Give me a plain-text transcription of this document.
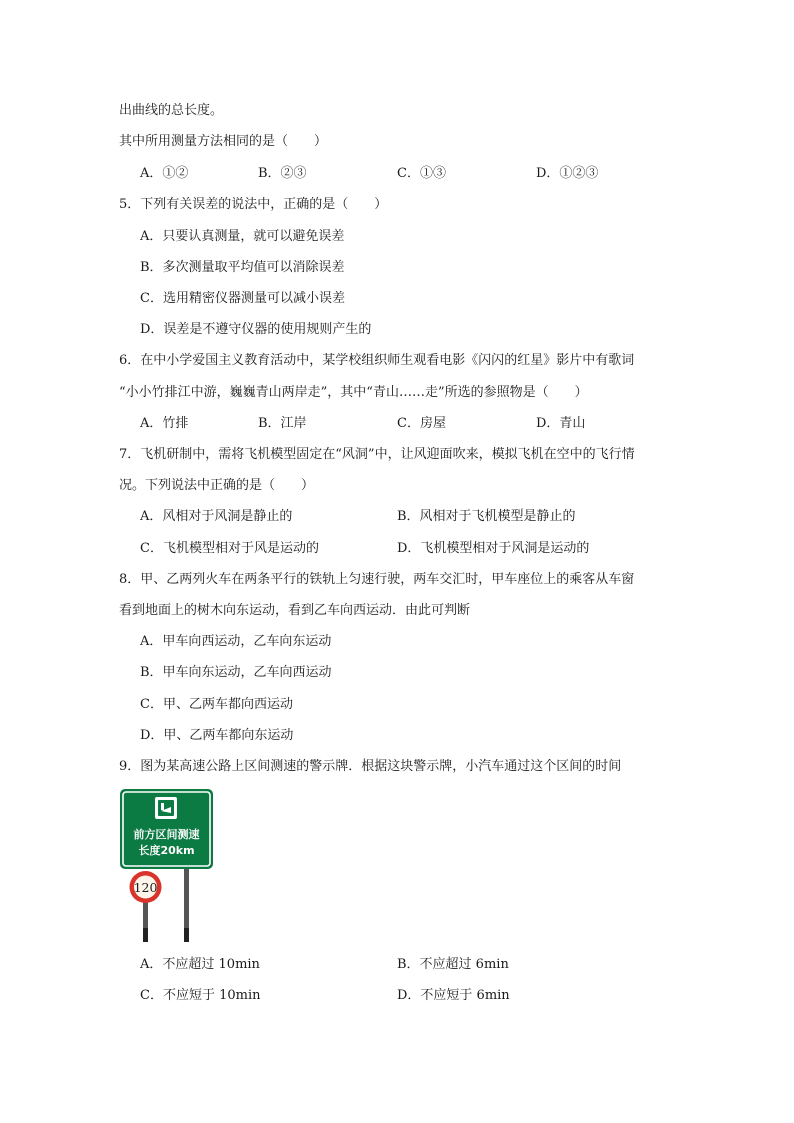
出曲线的总长度。
其中所用测量方法相同的是（　　）
A．①②	B．②③	C．①③	D．①②③
5．下列有关误差的说法中，正确的是（　　）
A．只要认真测量，就可以避免误差
B．多次测量取平均值可以消除误差
C．选用精密仪器测量可以减小误差
D．误差是不遵守仪器的使用规则产生的
6．在中小学爱国主义教育活动中，某学校组织师生观看电影《闪闪的红星》影片中有歌词
“小小竹排江中游，巍巍青山两岸走”，其中“青山……走”所选的参照物是（　　）
A．竹排	B．江岸	C．房屋	D．青山
7．飞机研制中，需将飞机模型固定在“风洞”中，让风迎面吹来，模拟飞机在空中的飞行情
况。下列说法中正确的是（　　）
A．风相对于风洞是静止的	B．风相对于飞机模型是静止的
C．飞机模型相对于风是运动的	D．飞机模型相对于风洞是运动的
8．甲、乙两列火车在两条平行的铁轨上匀速行驶，两车交汇时，甲车座位上的乘客从车窗
看到地面上的树木向东运动，看到乙车向西运动．由此可判断
A．甲车向西运动，乙车向东运动
B．甲车向东运动，乙车向西运动
C．甲、乙两车都向西运动
D．甲、乙两车都向东运动
9．图为某高速公路上区间测速的警示牌．根据这块警示牌，小汽车通过这个区间的时间
前方区间测速
长度20km
120
A．不应超过 10min	B．不应超过 6min
C．不应短于 10min	D．不应短于 6min
